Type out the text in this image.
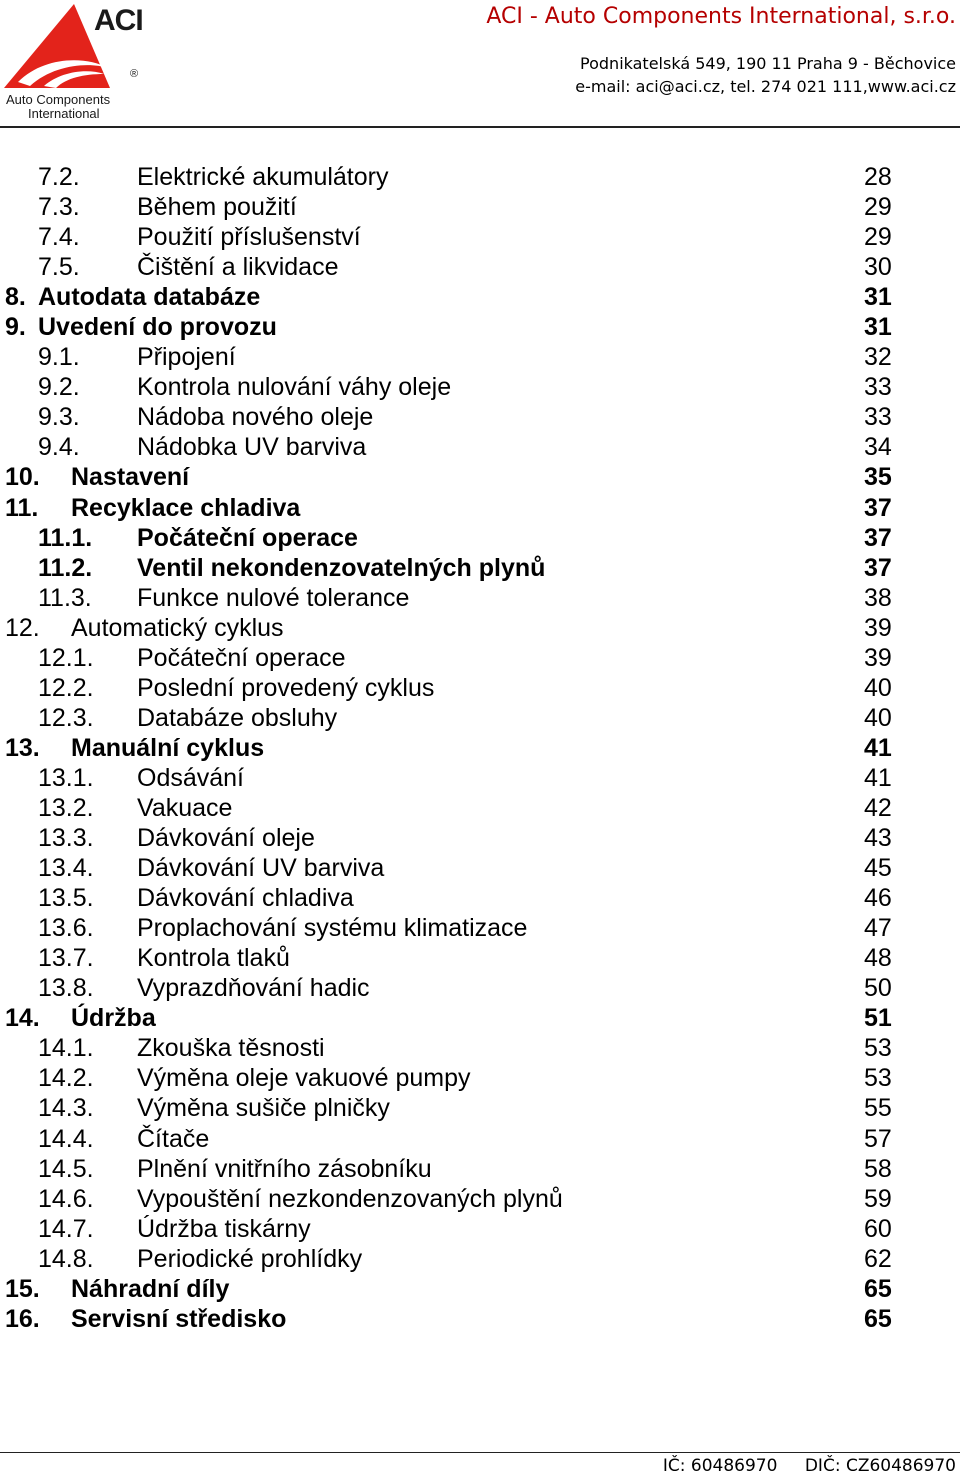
ACI
®
Auto Components
International
ACI - Auto Components International, s.r.o.
Podnikatelská 549, 190 11 Praha 9 - Běchovice
e-mail: aci@aci.cz, tel. 274 021 111,www.aci.cz
7.2. Elektrické akumulátory	28
7.3. Během použití	29
7.4. Použití příslušenství	29
7.5. Čištění a likvidace	30
8. Autodata databáze	31
9. Uvedení do provozu	31
9.1. Připojení	32
9.2. Kontrola nulování váhy oleje	33
9.3. Nádoba nového oleje	33
9.4. Nádobka UV barviva	34
10. Nastavení	35
11. Recyklace chladiva	37
11.1. Počáteční operace	37
11.2. Ventil nekondenzovatelných plynů	37
11.3. Funkce nulové tolerance	38
12. Automatický cyklus	39
12.1. Počáteční operace	39
12.2. Poslední provedený cyklus	40
12.3. Databáze obsluhy	40
13. Manuální cyklus	41
13.1. Odsávání	41
13.2. Vakuace	42
13.3. Dávkování oleje	43
13.4. Dávkování UV barviva	45
13.5. Dávkování chladiva	46
13.6. Proplachování systému klimatizace	47
13.7. Kontrola tlaků	48
13.8. Vyprazdňování hadic	50
14. Údržba	51
14.1. Zkouška těsnosti	53
14.2. Výměna oleje vakuové pumpy	53
14.3. Výměna sušiče plničky	55
14.4. Čítače	57
14.5. Plnění vnitřního zásobníku	58
14.6. Vypouštění nezkondenzovaných plynů	59
14.7. Údržba tiskárny	60
14.8. Periodické prohlídky	62
15. Náhradní díly	65
16. Servisní středisko	65
IČ: 60486970 DIČ: CZ60486970
